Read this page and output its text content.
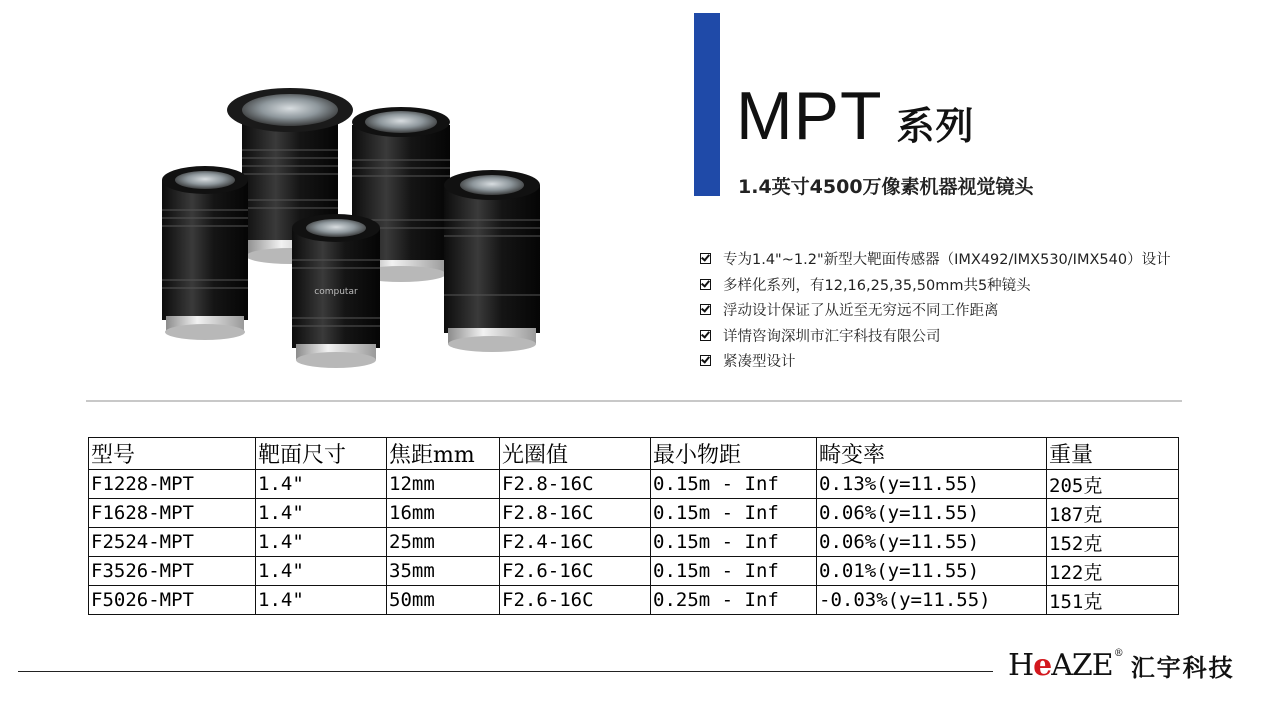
computar
MPT 系列
1.4英寸4500万像素机器视觉镜头
专为1.4"~1.2"新型大靶面传感器（IMX492/IMX530/IMX540）设计
多样化系列，有12,16,25,35,50mm共5种镜头
浮动设计保证了从近至无穷远不同工作距离
详情咨询深圳市汇宇科技有限公司
紧凑型设计
型号	靶面尺寸	焦距mm	光圈值	最小物距	畸变率	重量
F1228-MPT	1.4"	12mm	F2.8-16C	0.15m - Inf	0.13%(y=11.55)	205克
F1628-MPT	1.4"	16mm	F2.8-16C	0.15m - Inf	0.06%(y=11.55)	187克
F2524-MPT	1.4"	25mm	F2.4-16C	0.15m - Inf	0.06%(y=11.55)	152克
F3526-MPT	1.4"	35mm	F2.6-16C	0.15m - Inf	0.01%(y=11.55)	122克
F5026-MPT	1.4"	50mm	F2.6-16C	0.25m - Inf	-0.03%(y=11.55)	151克
HeAZE®
汇宇科技
